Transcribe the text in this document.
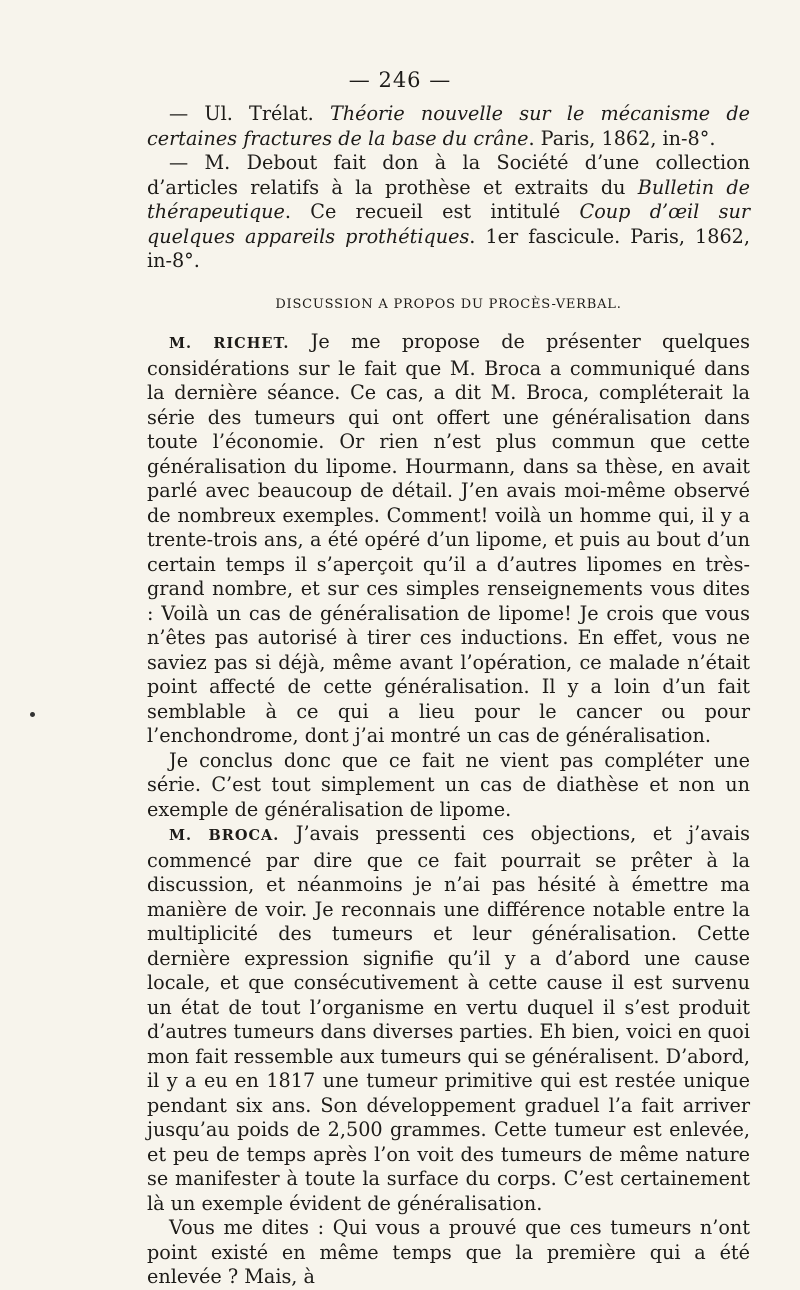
— 246 —

— Ul. Trélat. Théorie nouvelle sur le mécanisme de certaines fractures de la base du crâne. Paris, 1862, in-8°.

— M. Debout fait don à la Société d’une collection d’articles relatifs à la prothèse et extraits du Bulletin de thérapeutique. Ce recueil est intitulé Coup d’œil sur quelques appareils prothétiques. 1er fascicule. Paris, 1862, in-8°.

DISCUSSION A PROPOS DU PROCÈS-VERBAL.

M. RICHET. Je me propose de présenter quelques considérations sur le fait que M. Broca a communiqué dans la dernière séance. Ce cas, a dit M. Broca, compléterait la série des tumeurs qui ont offert une généralisation dans toute l’économie. Or rien n’est plus commun que cette généralisation du lipome. Hourmann, dans sa thèse, en avait parlé avec beaucoup de détail. J’en avais moi-même observé de nombreux exemples. Comment! voilà un homme qui, il y a trente-trois ans, a été opéré d’un lipome, et puis au bout d’un certain temps il s’aperçoit qu’il a d’autres lipomes en très-grand nombre, et sur ces simples renseignements vous dites : Voilà un cas de généralisation de lipome! Je crois que vous n’êtes pas autorisé à tirer ces inductions. En effet, vous ne saviez pas si déjà, même avant l’opération, ce malade n’était point affecté de cette généralisation. Il y a loin d’un fait semblable à ce qui a lieu pour le cancer ou pour l’enchondrome, dont j’ai montré un cas de généralisation.

Je conclus donc que ce fait ne vient pas compléter une série. C’est tout simplement un cas de diathèse et non un exemple de généralisation de lipome.

M. BROCA. J’avais pressenti ces objections, et j’avais commencé par dire que ce fait pourrait se prêter à la discussion, et néanmoins je n’ai pas hésité à émettre ma manière de voir. Je reconnais une différence notable entre la multiplicité des tumeurs et leur généralisation. Cette dernière expression signifie qu’il y a d’abord une cause locale, et que consécutivement à cette cause il est survenu un état de tout l’organisme en vertu duquel il s’est produit d’autres tumeurs dans diverses parties. Eh bien, voici en quoi mon fait ressemble aux tumeurs qui se généralisent. D’abord, il y a eu en 1817 une tumeur primitive qui est restée unique pendant six ans. Son développement graduel l’a fait arriver jusqu’au poids de 2,500 grammes. Cette tumeur est enlevée, et peu de temps après l’on voit des tumeurs de même nature se manifester à toute la surface du corps. C’est certainement là un exemple évident de généralisation.

Vous me dites : Qui vous a prouvé que ces tumeurs n’ont point existé en même temps que la première qui a été enlevée ? Mais, à
